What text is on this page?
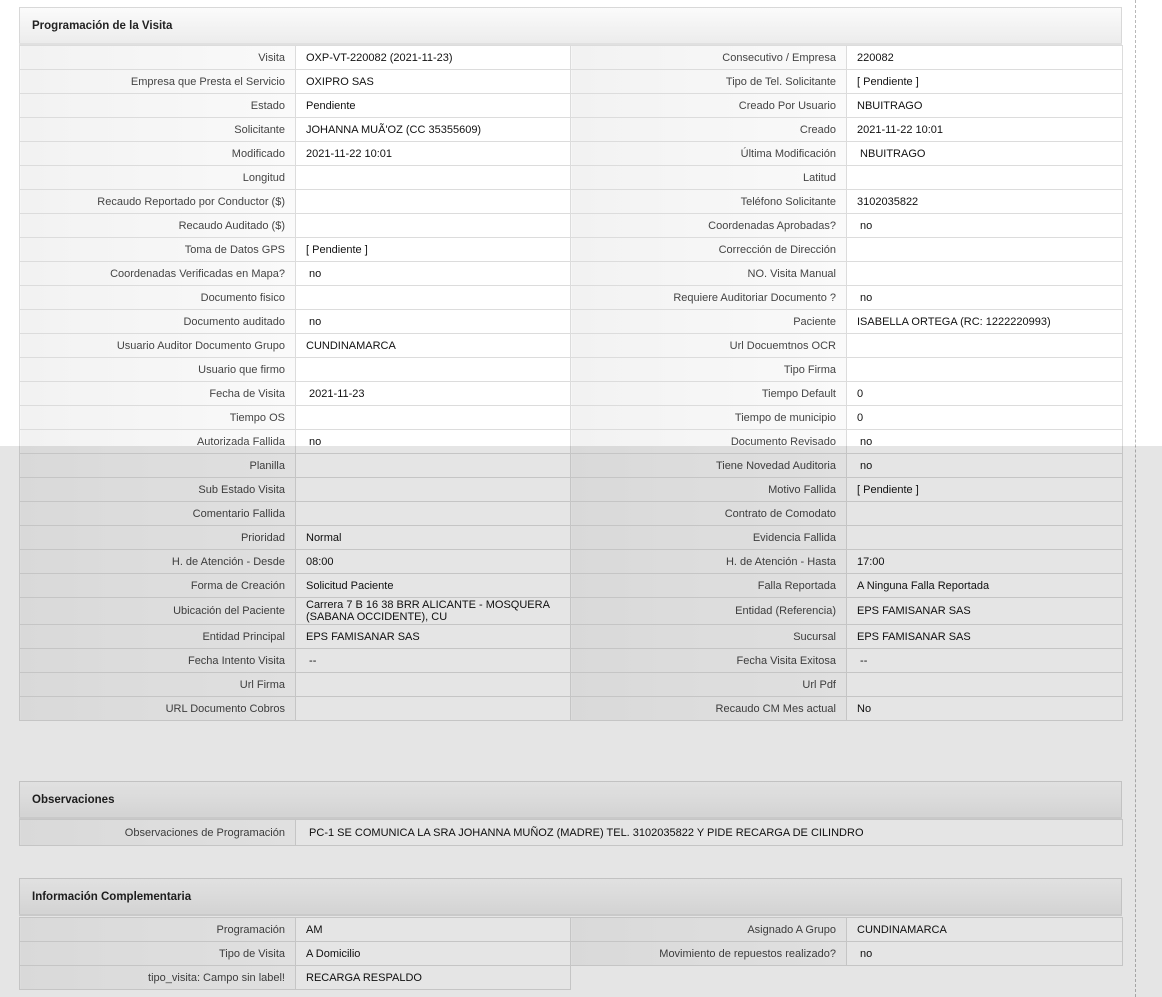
Programación de la Visita
Visita	OXP-VT-220082 (2021-11-23)	Consecutivo / Empresa	220082
Empresa que Presta el Servicio	OXIPRO SAS	Tipo de Tel. Solicitante	[ Pendiente ]
Estado	Pendiente	Creado Por Usuario	NBUITRAGO
Solicitante	JOHANNA MUÃ'OZ (CC 35355609)	Creado	2021-11-22 10:01
Modificado	2021-11-22 10:01	Última Modificación	NBUITRAGO
Longitud		Latitud	
Recaudo Reportado por Conductor ($)		Teléfono Solicitante	3102035822
Recaudo Auditado ($)		Coordenadas Aprobadas?	no
Toma de Datos GPS	[ Pendiente ]	Corrección de Dirección	
Coordenadas Verificadas en Mapa?	no	NO. Visita Manual	
Documento fisico		Requiere Auditoriar Documento ?	no
Documento auditado	no	Paciente	ISABELLA ORTEGA (RC: 1222220993)
Usuario Auditor Documento Grupo	CUNDINAMARCA	Url Docuemtnos OCR	
Usuario que firmo		Tipo Firma	
Fecha de Visita	2021-11-23	Tiempo Default	0
Tiempo OS		Tiempo de municipio	0
Autorizada Fallida	no	Documento Revisado	no
Planilla		Tiene Novedad Auditoria	no
Sub Estado Visita		Motivo Fallida	[ Pendiente ]
Comentario Fallida		Contrato de Comodato	
Prioridad	Normal	Evidencia Fallida	
H. de Atención - Desde	08:00	H. de Atención - Hasta	17:00
Forma de Creación	Solicitud Paciente	Falla Reportada	A Ninguna Falla Reportada
Ubicación del Paciente	Carrera 7 B 16 38 BRR ALICANTE - MOSQUERA (SABANA OCCIDENTE), CU	Entidad (Referencia)	EPS FAMISANAR SAS
Entidad Principal	EPS FAMISANAR SAS	Sucursal	EPS FAMISANAR SAS
Fecha Intento Visita	--	Fecha Visita Exitosa	--
Url Firma		Url Pdf	
URL Documento Cobros		Recaudo CM Mes actual	No
Observaciones
Observaciones de Programación	PC-1 SE COMUNICA LA SRA JOHANNA MUÑOZ (MADRE) TEL. 3102035822 Y PIDE RECARGA DE CILINDRO
Información Complementaria
Programación	AM	Asignado A Grupo	CUNDINAMARCA
Tipo de Visita	A Domicilio	Movimiento de repuestos realizado?	no
tipo_visita: Campo sin label!	RECARGA RESPALDO		
